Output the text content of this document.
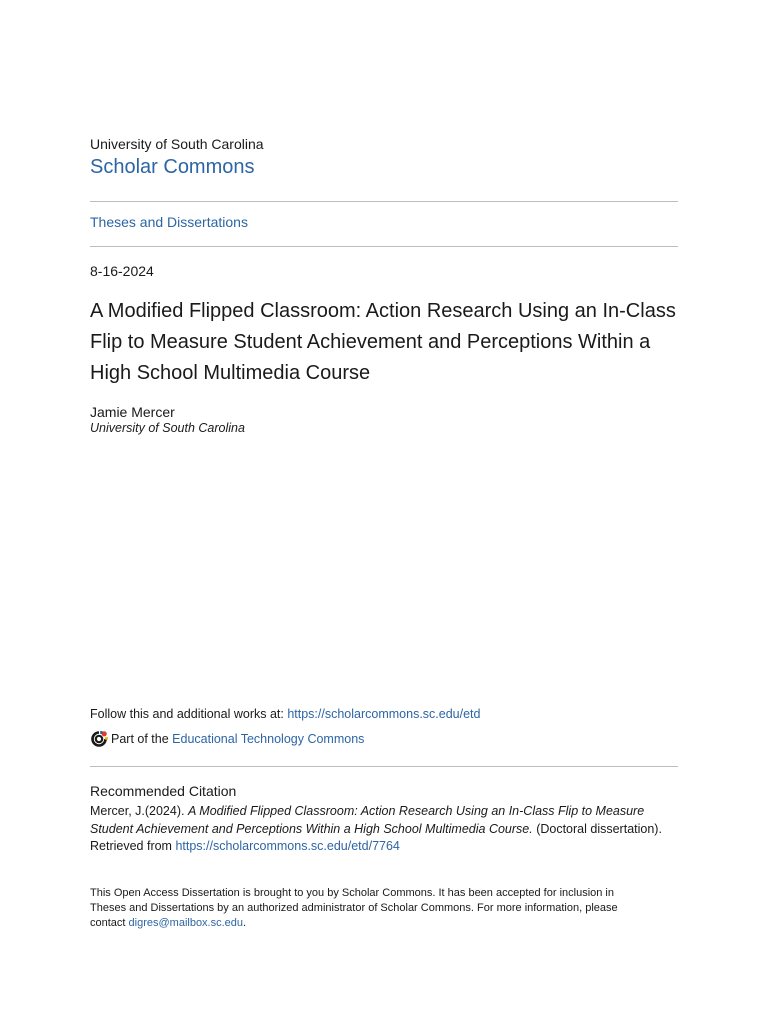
University of South Carolina
Scholar Commons
Theses and Dissertations
8-16-2024
A Modified Flipped Classroom: Action Research Using an In-Class Flip to Measure Student Achievement and Perceptions Within a High School Multimedia Course
Jamie Mercer
University of South Carolina
Follow this and additional works at: https://scholarcommons.sc.edu/etd
Part of the Educational Technology Commons
Recommended Citation
Mercer, J.(2024). A Modified Flipped Classroom: Action Research Using an In-Class Flip to Measure Student Achievement and Perceptions Within a High School Multimedia Course. (Doctoral dissertation). Retrieved from https://scholarcommons.sc.edu/etd/7764
This Open Access Dissertation is brought to you by Scholar Commons. It has been accepted for inclusion in Theses and Dissertations by an authorized administrator of Scholar Commons. For more information, please contact digres@mailbox.sc.edu.
